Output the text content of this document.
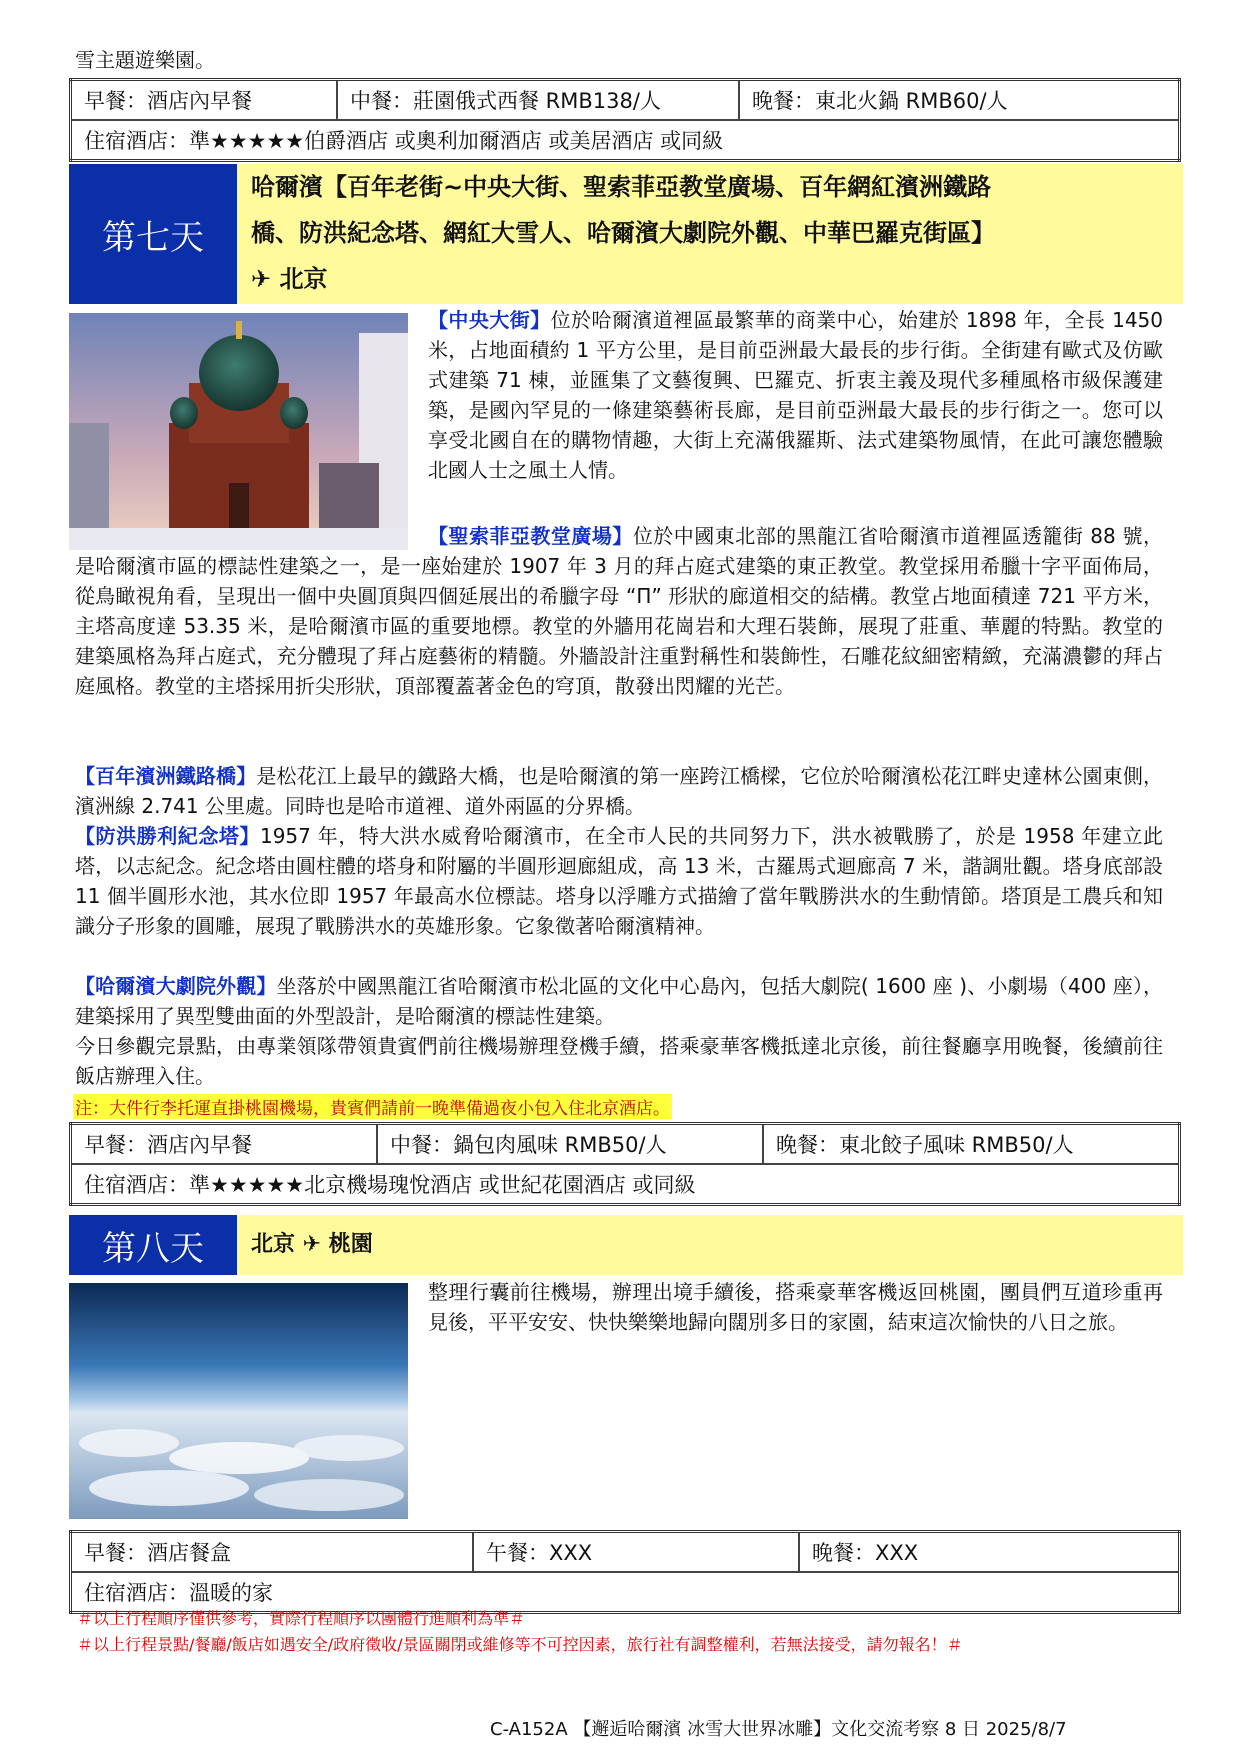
雪主題遊樂園。
早餐：酒店內早餐	中餐：莊園俄式西餐 RMB138/人	晚餐：東北火鍋 RMB60/人
住宿酒店：準★★★★★伯爵酒店 或奧利加爾酒店 或美居酒店 或同級
第七天
哈爾濱【百年老街~中央大街、聖索菲亞教堂廣場、百年網紅濱洲鐵路
橋、防洪紀念塔、網紅大雪人、哈爾濱大劇院外觀、中華巴羅克街區】
✈ 北京
【中央大街】位於哈爾濱道裡區最繁華的商業中心，始建於 1898 年，全長 1450 米，占地面積約 1 平方公里，是目前亞洲最大最長的步行街。全街建有歐式及仿歐式建築 71 棟，並匯集了文藝復興、巴羅克、折衷主義及現代多種風格市級保護建築，是國內罕見的一條建築藝術長廊，是目前亞洲最大最長的步行街之一。您可以享受北國自在的購物情趣，大街上充滿俄羅斯、法式建築物風情，在此可讓您體驗北國人士之風土人情。
【聖索菲亞教堂廣場】位於中國東北部的黑龍江省哈爾濱市道裡區透籠街 88 號，是哈爾濱市區的標誌性建築之一，是一座始建於 1907 年 3 月的拜占庭式建築的東正教堂。教堂採用希臘十字平面佈局，從鳥瞰視角看，呈現出一個中央圓頂與四個延展出的希臘字母 “Π” 形狀的廊道相交的結構。教堂占地面積達 721 平方米，主塔高度達 53.35 米，是哈爾濱市區的重要地標。教堂的外牆用花崗岩和大理石裝飾，展現了莊重、華麗的特點。教堂的建築風格為拜占庭式，充分體現了拜占庭藝術的精髓。外牆設計注重對稱性和裝飾性，石雕花紋細密精緻，充滿濃鬱的拜占庭風格。教堂的主塔採用折尖形狀，頂部覆蓋著金色的穹頂，散發出閃耀的光芒。
【百年濱洲鐵路橋】是松花江上最早的鐵路大橋，也是哈爾濱的第一座跨江橋樑，它位於哈爾濱松花江畔史達林公園東側，濱洲線 2.741 公里處。同時也是哈市道裡、道外兩區的分界橋。
【防洪勝利紀念塔】1957 年，特大洪水威脅哈爾濱市，在全市人民的共同努力下，洪水被戰勝了，於是 1958 年建立此塔，以志紀念。紀念塔由圓柱體的塔身和附屬的半圓形迴廊組成，高 13 米，古羅馬式迴廊高 7 米，諧調壯觀。塔身底部設 11 個半圓形水池，其水位即 1957 年最高水位標誌。塔身以浮雕方式描繪了當年戰勝洪水的生動情節。塔頂是工農兵和知識分子形象的圓雕，展現了戰勝洪水的英雄形象。它象徵著哈爾濱精神。
【哈爾濱大劇院外觀】坐落於中國黑龍江省哈爾濱市松北區的文化中心島內，包括大劇院( 1600 座 )、小劇場（400 座），建築採用了異型雙曲面的外型設計，是哈爾濱的標誌性建築。
今日參觀完景點，由專業領隊帶領貴賓們前往機場辦理登機手續，搭乘豪華客機抵達北京後，前往餐廳享用晚餐，後續前往飯店辦理入住。
注：大件行李托運直掛桃園機場，貴賓們請前一晚準備過夜小包入住北京酒店。
早餐：酒店內早餐	中餐：鍋包肉風味 RMB50/人	晚餐：東北餃子風味 RMB50/人
住宿酒店：準★★★★★北京機場瑰悅酒店 或世紀花園酒店 或同級
第八天	北京 ✈ 桃園
整理行囊前往機場，辦理出境手續後，搭乘豪華客機返回桃園，團員們互道珍重再見後，平平安安、快快樂樂地歸向闊別多日的家園，結束這次愉快的八日之旅。
早餐：酒店餐盒	午餐：XXX	晚餐：XXX
住宿酒店：溫暖的家
＃以上行程順序僅供參考，實際行程順序以團體行進順利為準＃
＃以上行程景點/餐廳/飯店如遇安全/政府徵收/景區關閉或維修等不可控因素，旅行社有調整權利，若無法接受，請勿報名！＃
C-A152A 【邂逅哈爾濱 冰雪大世界冰雕】文化交流考察 8 日 2025/8/7
